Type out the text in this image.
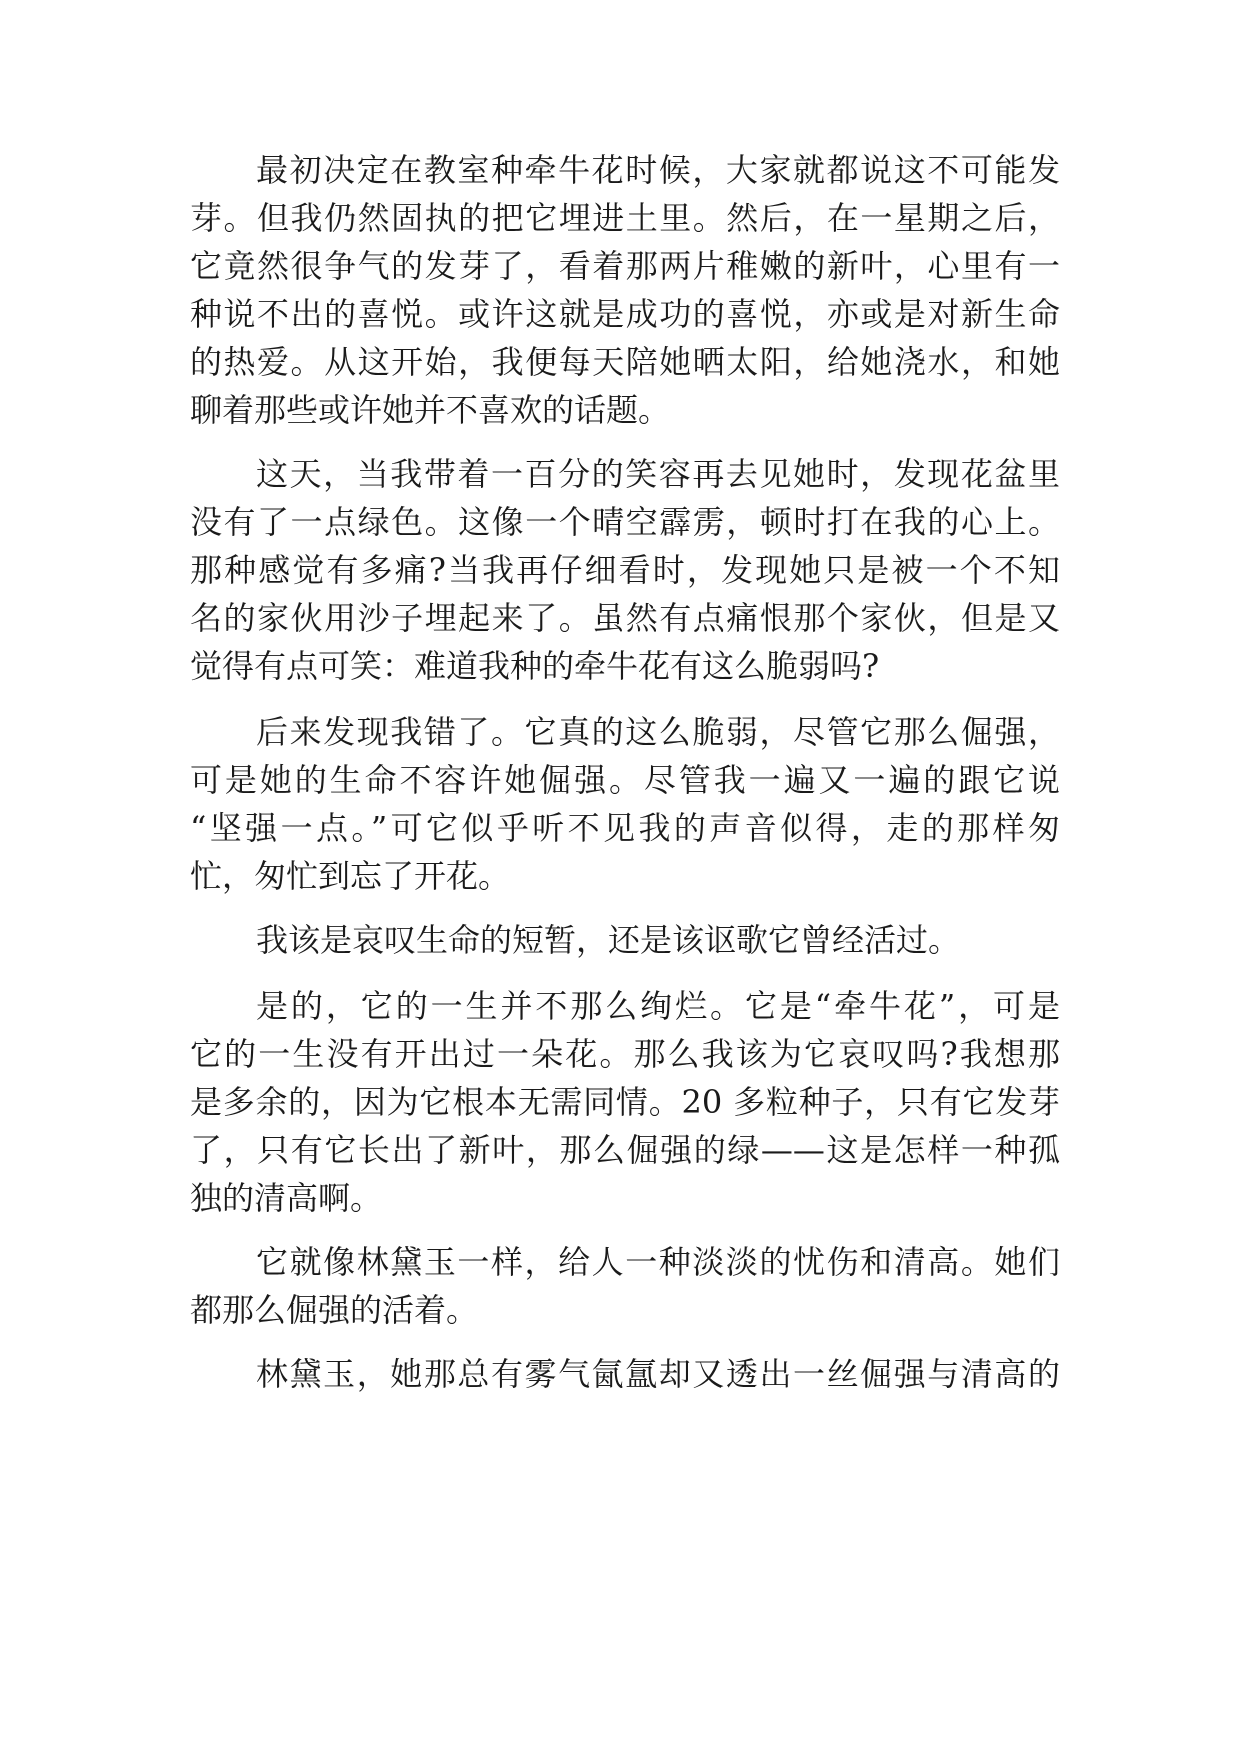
最初决定在教室种牵牛花时候，大家就都说这不可能发
芽。但我仍然固执的把它埋进土里。然后，在一星期之后，
它竟然很争气的发芽了，看着那两片稚嫩的新叶，心里有一
种说不出的喜悦。或许这就是成功的喜悦，亦或是对新生命
的热爱。从这开始，我便每天陪她晒太阳，给她浇水，和她
聊着那些或许她并不喜欢的话题。
这天，当我带着一百分的笑容再去见她时，发现花盆里
没有了一点绿色。这像一个晴空霹雳，顿时打在我的心上。
那种感觉有多痛?当我再仔细看时，发现她只是被一个不知
名的家伙用沙子埋起来了。虽然有点痛恨那个家伙，但是又
觉得有点可笑：难道我种的牵牛花有这么脆弱吗?
后来发现我错了。它真的这么脆弱，尽管它那么倔强，
可是她的生命不容许她倔强。尽管我一遍又一遍的跟它说
“坚强一点。”可它似乎听不见我的声音似得，走的那样匆
忙，匆忙到忘了开花。
我该是哀叹生命的短暂，还是该讴歌它曾经活过。
是的，它的一生并不那么绚烂。它是“牵牛花”，可是
它的一生没有开出过一朵花。那么我该为它哀叹吗?我想那
是多余的，因为它根本无需同情。20 多粒种子，只有它发芽
了，只有它长出了新叶，那么倔强的绿——这是怎样一种孤
独的清高啊。
它就像林黛玉一样，给人一种淡淡的忧伤和清高。她们
都那么倔强的活着。
林黛玉，她那总有雾气氤氲却又透出一丝倔强与清高的
